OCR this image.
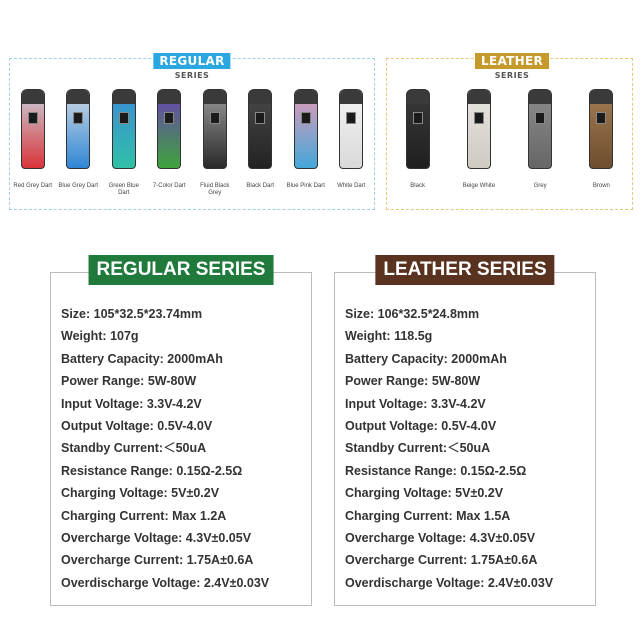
REGULAR
SERIES
Red Grey Dart Blue Grey Dart	Green Blue Dart
7-Color Dart	Fluid Black Grey
Black Dart Blue Pink Dart White Dart
LEATHER
SERIES
Black	Beige White	Grey	Brown
REGULAR SERIES
Size: 105*32.5*23.74mm
Weight: 107g
Battery Capacity: 2000mAh
Power Range: 5W-80W
Input Voltage: 3.3V-4.2V
Output Voltage: 0.5V-4.0V
Standby Current:＜50uA
Resistance Range: 0.15Ω-2.5Ω
Charging Voltage: 5V±0.2V
Charging Current: Max 1.2A
Overcharge Voltage: 4.3V±0.05V
Overcharge Current: 1.75A±0.6A
Overdischarge Voltage: 2.4V±0.03V
LEATHER SERIES
Size: 106*32.5*24.8mm
Weight: 118.5g
Battery Capacity: 2000mAh
Power Range: 5W-80W
Input Voltage: 3.3V-4.2V
Output Voltage: 0.5V-4.0V
Standby Current:＜50uA
Resistance Range: 0.15Ω-2.5Ω
Charging Voltage: 5V±0.2V
Charging Current: Max 1.5A
Overcharge Voltage: 4.3V±0.05V
Overcharge Current: 1.75A±0.6A
Overdischarge Voltage: 2.4V±0.03V
